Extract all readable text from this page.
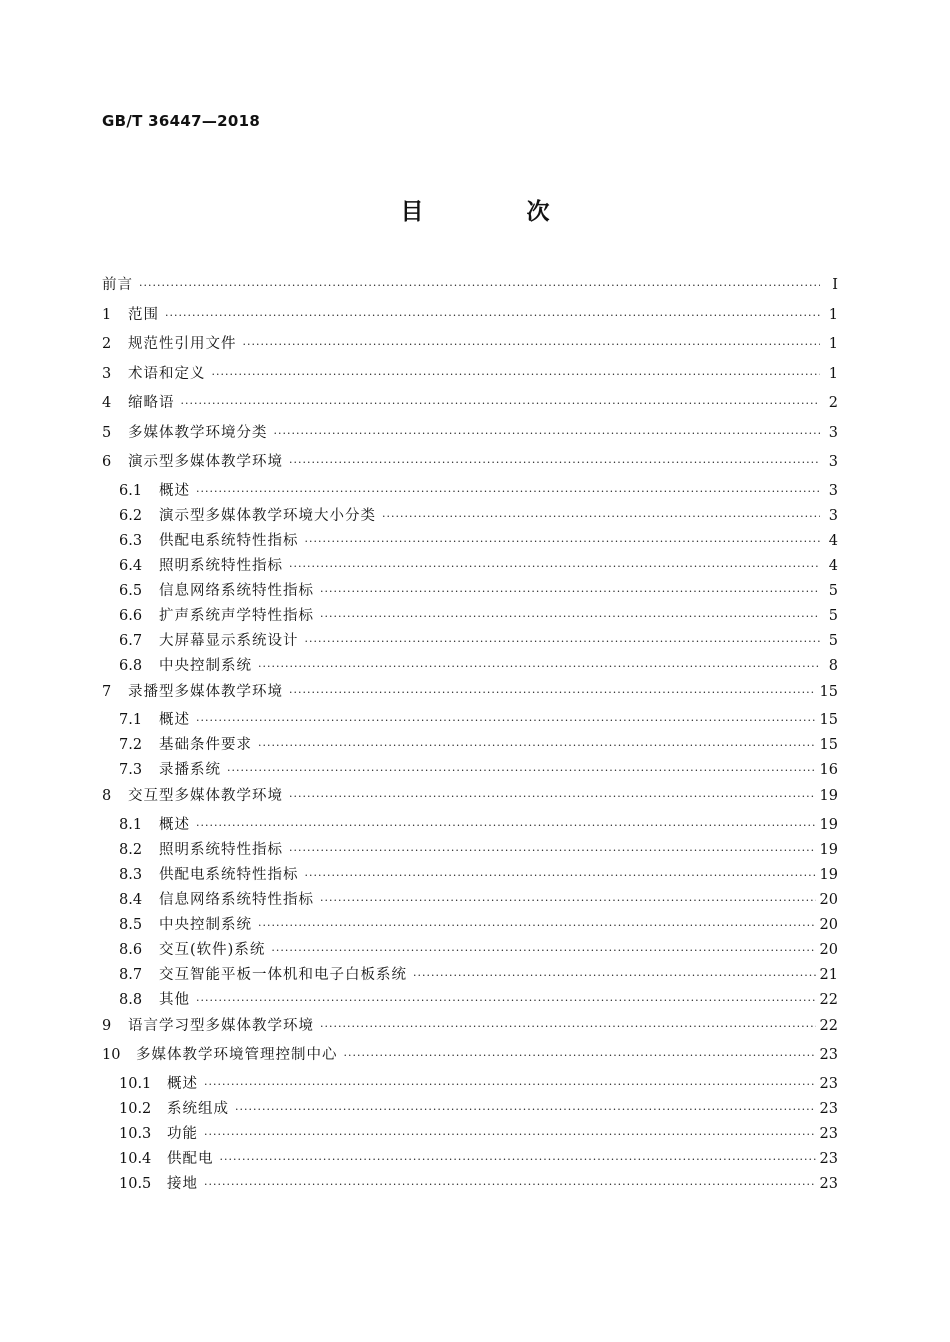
GB/T 36447—2018
目　次
前言 ·····	I
1	范围 ·····	1
2	规范性引用文件 ·····	1
3	术语和定义 ·····	1
4	缩略语 ·····	2
5	多媒体教学环境分类 ·····	3
6	演示型多媒体教学环境 ·····	3
6.1	概述 ·····	3
6.2	演示型多媒体教学环境大小分类 ·····	3
6.3	供配电系统特性指标 ·····	4
6.4	照明系统特性指标 ·····	4
6.5	信息网络系统特性指标 ·····	5
6.6	扩声系统声学特性指标 ·····	5
6.7	大屏幕显示系统设计 ·····	5
6.8	中央控制系统 ·····	8
7	录播型多媒体教学环境 ·····	15
7.1	概述 ·····	15
7.2	基础条件要求 ·····	15
7.3	录播系统 ·····	16
8	交互型多媒体教学环境 ·····	19
8.1	概述 ·····	19
8.2	照明系统特性指标 ·····	19
8.3	供配电系统特性指标 ·····	19
8.4	信息网络系统特性指标 ·····	20
8.5	中央控制系统 ·····	20
8.6	交互(软件)系统 ·····	20
8.7	交互智能平板一体机和电子白板系统 ·····	21
8.8	其他 ·····	22
9	语言学习型多媒体教学环境 ·····	22
10	多媒体教学环境管理控制中心 ·····	23
10.1	概述 ·····	23
10.2	系统组成 ·····	23
10.3	功能 ·····	23
10.4	供配电 ·····	23
10.5	接地 ·····	23
